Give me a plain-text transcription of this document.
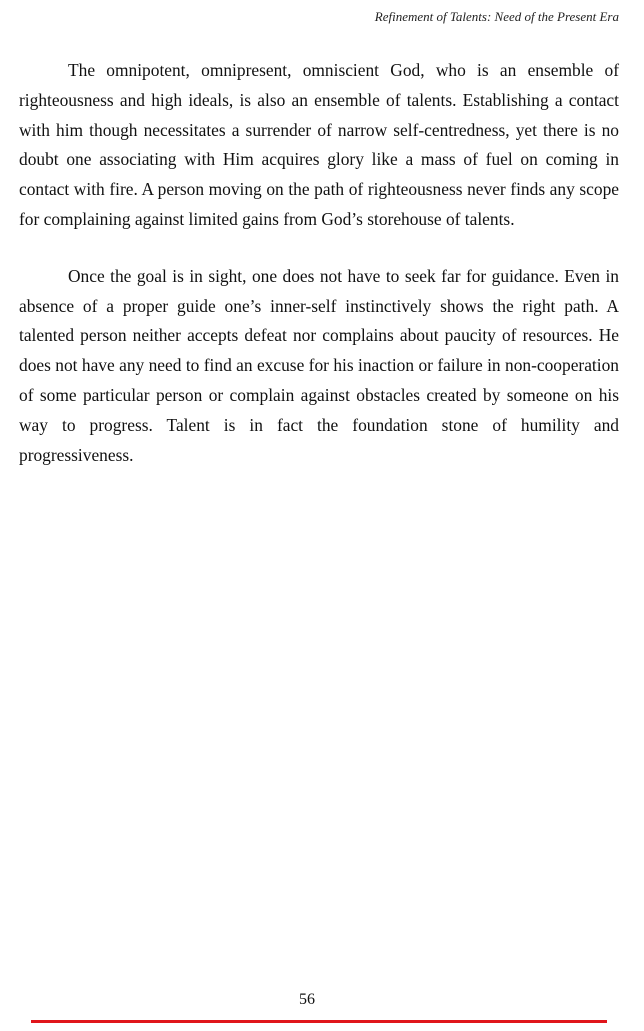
Refinement of Talents: Need of the Present Era

The omnipotent, omnipresent, omniscient God, who is an ensemble of righteousness and high ideals, is also an ensemble of talents. Establishing a contact with him though necessitates a surrender of narrow self-centredness, yet there is no doubt one associating with Him acquires glory like a mass of fuel on coming in contact with fire. A person moving on the path of righteousness never finds any scope for complaining against limited gains from God’s storehouse of talents.

Once the goal is in sight, one does not have to seek far for guidance. Even in absence of a proper guide one’s inner-self instinctively shows the right path. A talented person neither accepts defeat nor complains about paucity of resources. He does not have any need to find an excuse for his inaction or failure in non-cooperation of some particular person or complain against obstacles created by someone on his way to progress. Talent is in fact the foundation stone of humility and progressiveness.

56
